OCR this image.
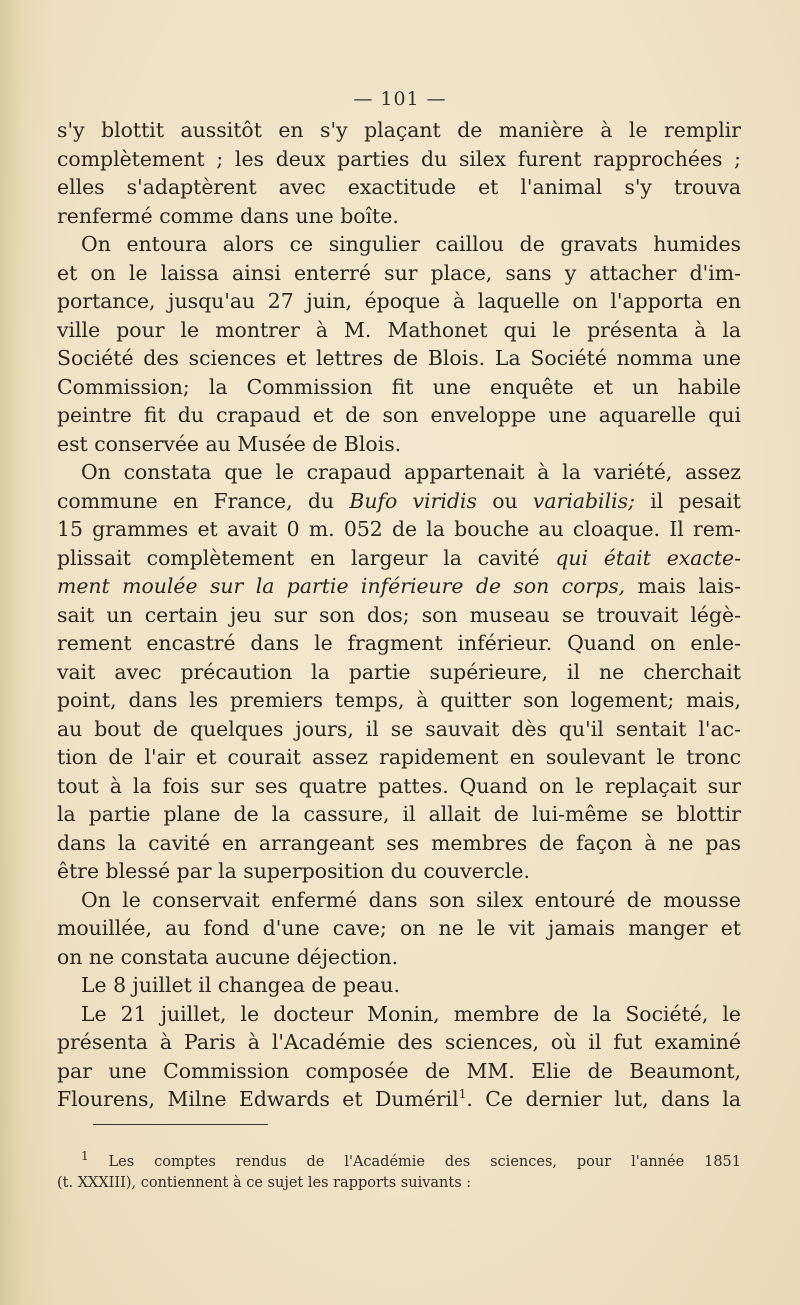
— 101 —
s'y blottit aussitôt en s'y plaçant de manière à le remplir
complètement ; les deux parties du silex furent rapprochées ;
elles s'adaptèrent avec exactitude et l'animal s'y trouva
renfermé comme dans une boîte.
On entoura alors ce singulier caillou de gravats humides
et on le laissa ainsi enterré sur place, sans y attacher d'im-
portance, jusqu'au 27 juin, époque à laquelle on l'apporta en
ville pour le montrer à M. Mathonet qui le présenta à la
Société des sciences et lettres de Blois. La Société nomma une
Commission; la Commission fit une enquête et un habile
peintre fit du crapaud et de son enveloppe une aquarelle qui
est conservée au Musée de Blois.
On constata que le crapaud appartenait à la variété, assez
commune en France, du Bufo viridis ou variabilis; il pesait
15 grammes et avait 0 m. 052 de la bouche au cloaque. Il rem-
plissait complètement en largeur la cavité qui était exacte-
ment moulée sur la partie inférieure de son corps, mais lais-
sait un certain jeu sur son dos; son museau se trouvait légè-
rement encastré dans le fragment inférieur. Quand on enle-
vait avec précaution la partie supérieure, il ne cherchait
point, dans les premiers temps, à quitter son logement; mais,
au bout de quelques jours, il se sauvait dès qu'il sentait l'ac-
tion de l'air et courait assez rapidement en soulevant le tronc
tout à la fois sur ses quatre pattes. Quand on le replaçait sur
la partie plane de la cassure, il allait de lui-même se blottir
dans la cavité en arrangeant ses membres de façon à ne pas
être blessé par la superposition du couvercle.
On le conservait enfermé dans son silex entouré de mousse
mouillée, au fond d'une cave; on ne le vit jamais manger et
on ne constata aucune déjection.
Le 8 juillet il changea de peau.
Le 21 juillet, le docteur Monin, membre de la Société, le
présenta à Paris à l'Académie des sciences, où il fut examiné
par une Commission composée de MM. Elie de Beaumont,
Flourens, Milne Edwards et Duméril$^1$. Ce dernier lut, dans la
$^1$ Les comptes rendus de l'Académie des sciences, pour l'année 1851
(t. XXXIII), contiennent à ce sujet les rapports suivants :
